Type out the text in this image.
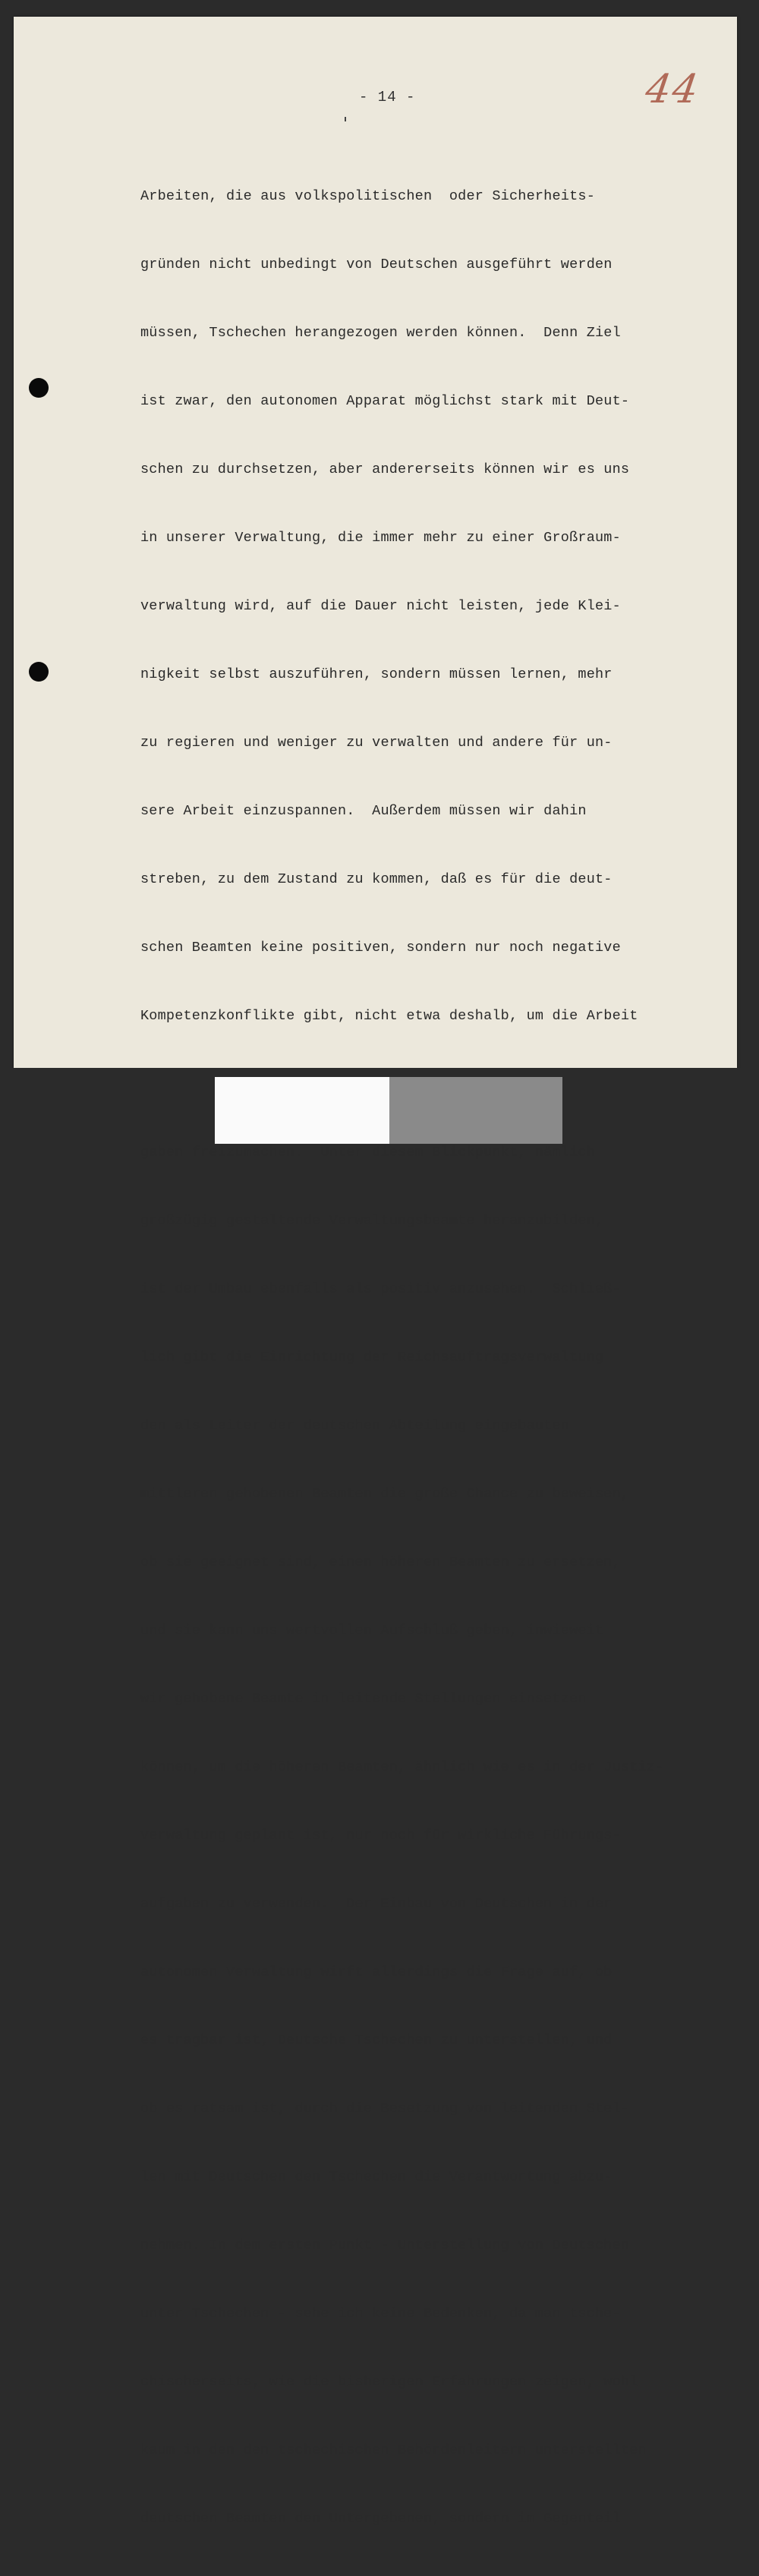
- 14 -	44

Arbeiten, die aus volkspolitischen  oder Sicherheits-

gründen nicht unbedingt von Deutschen ausgeführt werden

müssen, Tschechen herangezogen werden können.  Denn Ziel

ist zwar, den autonomen Apparat möglichst stark mit Deut-

schen zu durchsetzen, aber andererseits können wir es uns

in unserer Verwaltung, die immer mehr zu einer Großraum-

verwaltung wird, auf die Dauer nicht leisten, jede Klei-

nigkeit selbst auszuführen, sondern müssen lernen, mehr

zu regieren und weniger zu verwalten und andere für un-

sere Arbeit einzuspannen.  Außerdem müssen wir dahin

streben, zu dem Zustand zu kommen, daß es für die deut-

schen Beamten keine positiven, sondern nur noch negative

Kompetenzkonflikte gibt, nicht etwa deshalb, um die Arbeit

gaben freizumachen.  Unter diesem Blickpunkt, nämlich

großzügig gestaltende Verwaltungsbeamte heranzubilden,

ist der Umbau ebenfalls als positiv anzusehen.  Schließ-

lich gibt die Einrichtung der Reichsauftragsverwaltung

den als Leiter der deutschen Abteilung eingebauten

mittleren gehobenen Beamten die große Chance zu beweisen,

ob sie geeignet sind, einen höheren Beamten zu ersetzen,

und sie kann uns wertvollen Aufschluß geben, inwieweit

wir gehobene Beamte in leitende Stellungen einsetzen

können, um die höheren Beamten, ähnlich wie es in der Justiz-

verwaltung geplant ist, nur noch für wirkliche Führungs-

aufgaben zu verwenden.  Der Einbau von Deutschen in der

autonomen Verwaltung wirft allerdings die Frage auf, ob

es tragbar ist, Deutsche Tschechen zu unterstellen, und

ob es ratsam ist, durch die Besetzung von leitenden Stel-

len mit Deutschen den Tschechen die Verantwortung abzu-

nehmen. In dem ersten Punkt - Unterstellung von Deutschen

unter Tschechen - sehe ich keine Bedenken, da man tsche-

chischerseits, wie die bisherigen Erfahrungen zeigen, wohl

kaum in den den tschechischen Behördenleitern unterstellten

deutschen Beamten den Untergebenen, sondern im Gegenteil
